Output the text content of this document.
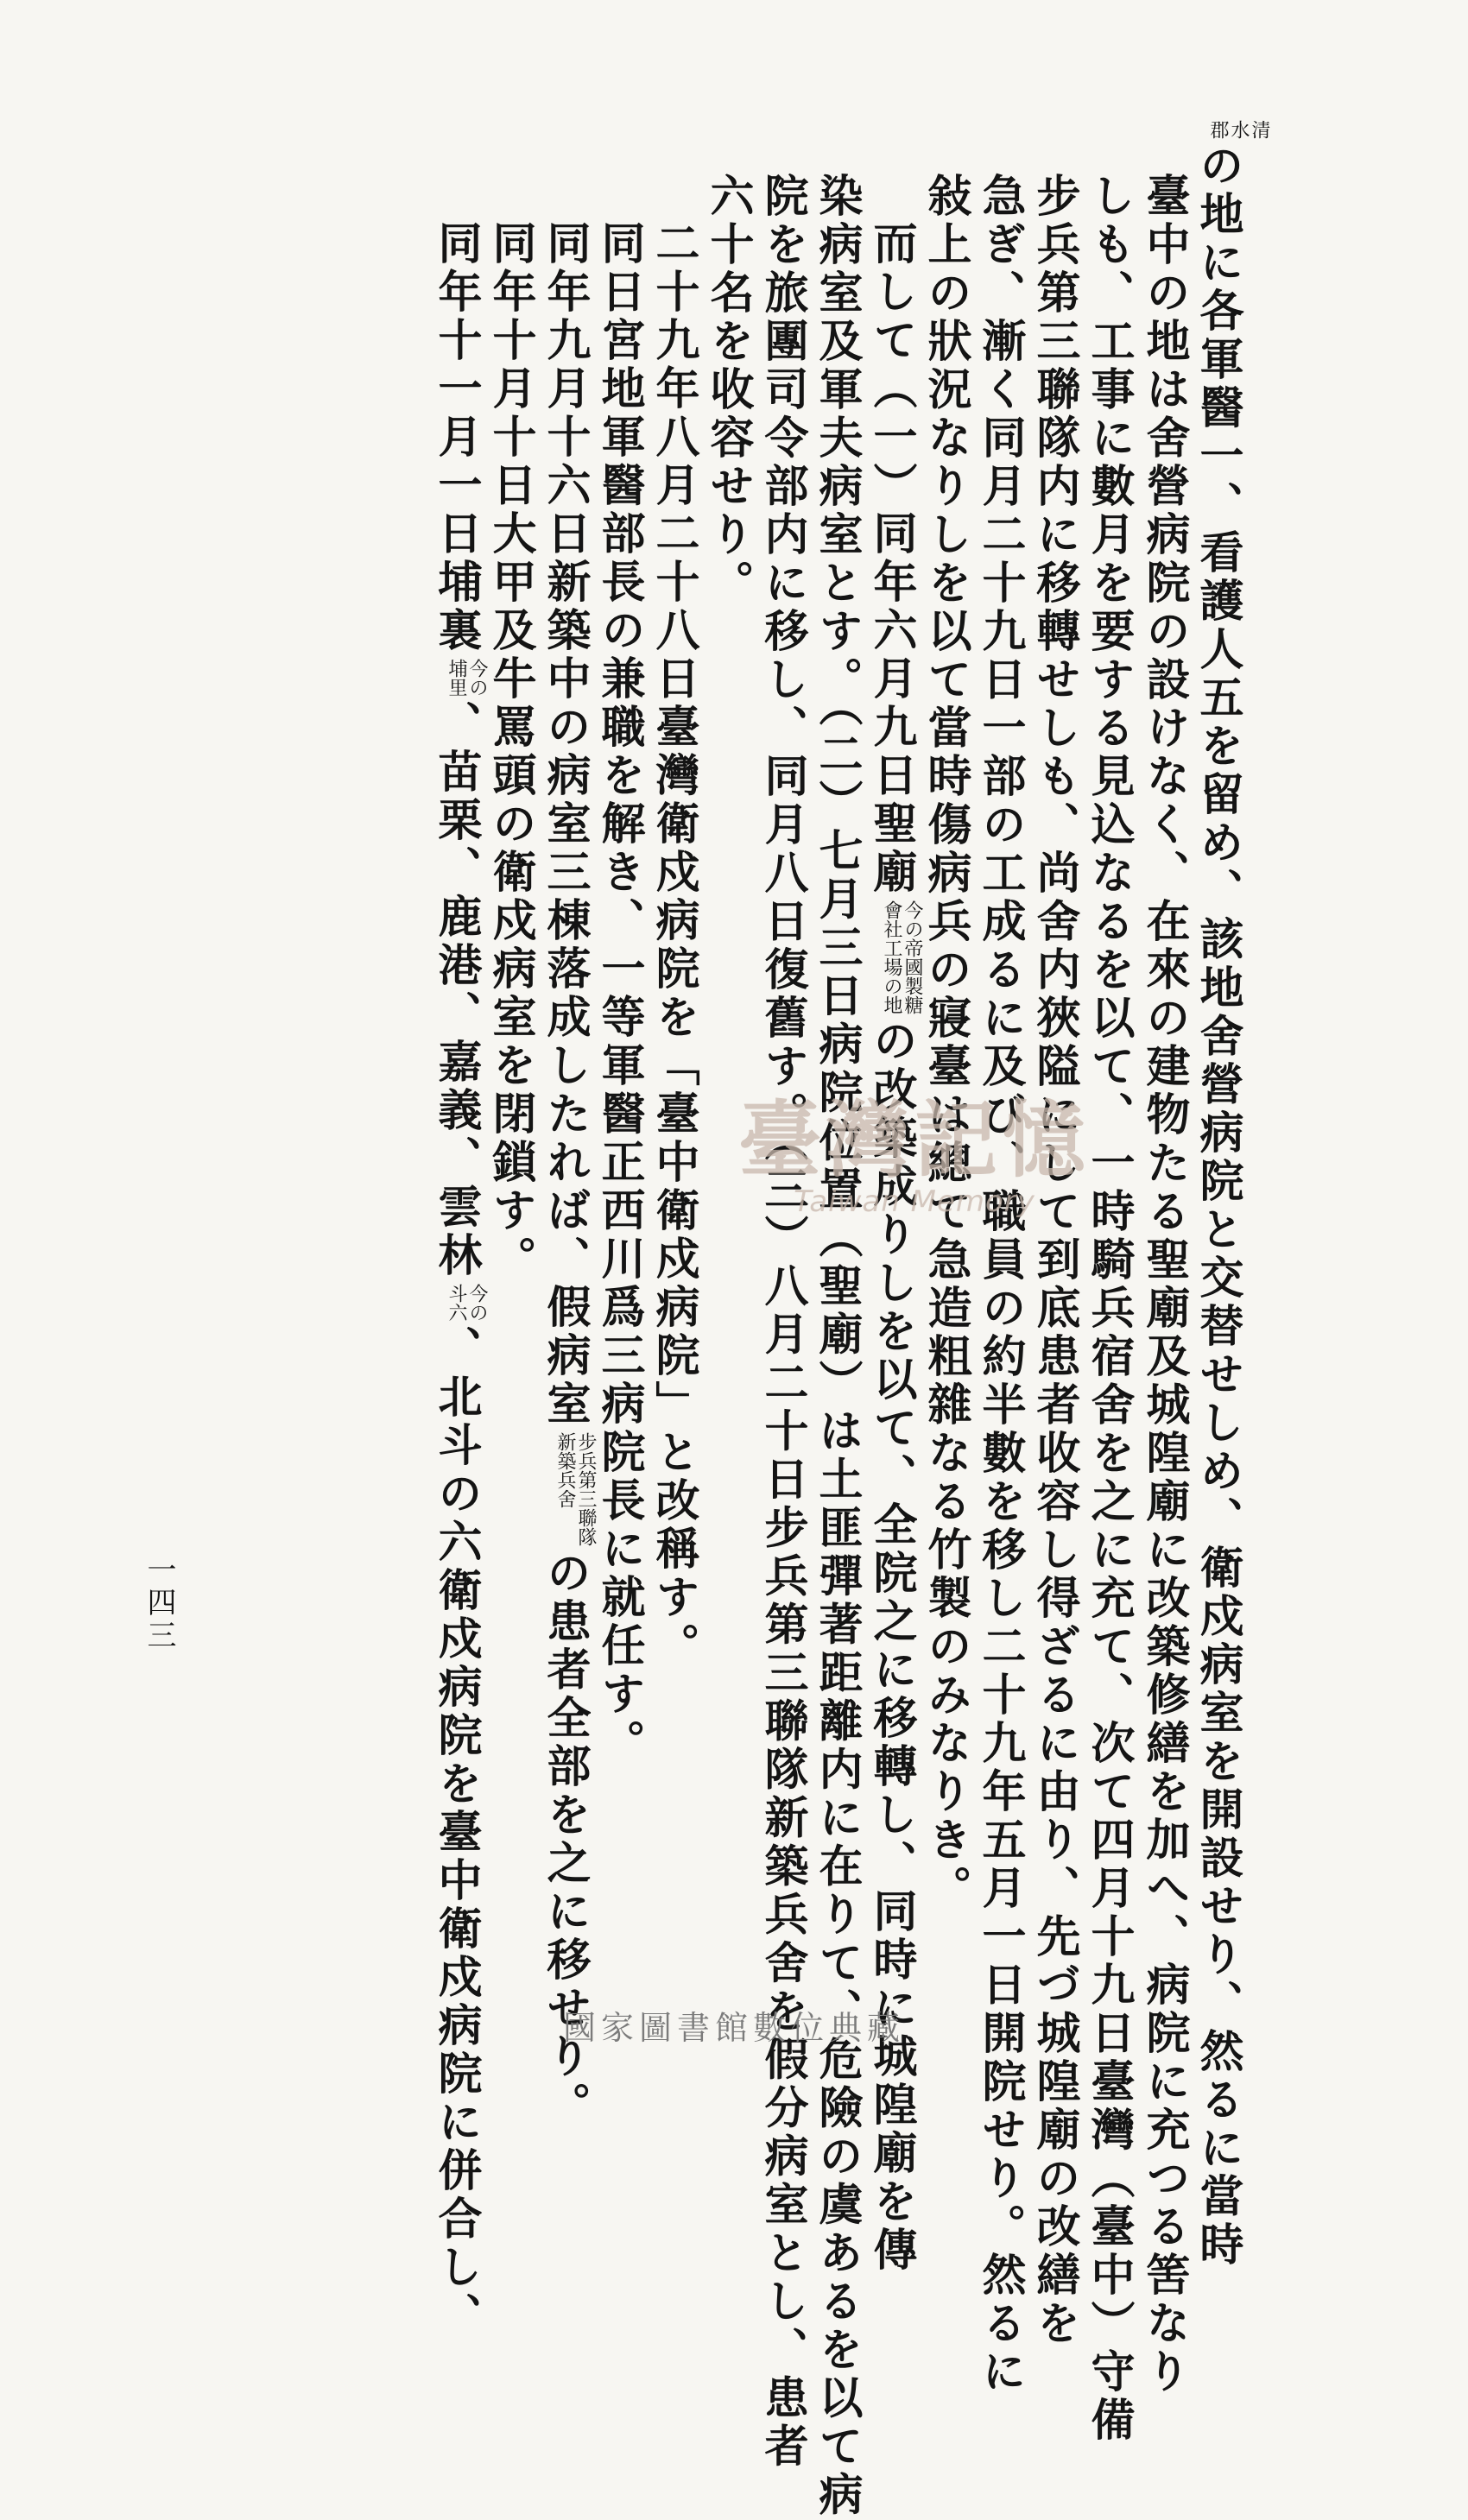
清
水
郡の地に各軍醫一、看護人五を留め、該地舍營病院と交替せしめ、衛戍病室を開設せり、然るに當時
臺中の地は舍營病院の設けなく、在來の建物たる聖廟及城隍廟に改築修繕を加へ、病院に充つる筈なり
しも、工事に數月を要する見込なるを以て、一時騎兵宿舍を之に充て、次て四月十九日臺灣（臺中）守備
步兵第三聯隊内に移轉せしも、尚舍内狹隘にして到底患者收容し得ざるに由り、先づ城隍廟の改繕を
急ぎ、漸く同月二十九日一部の工成るに及び、職員の約半數を移し二十九年五月一日開院せり。然るに
敍上の狀況なりしを以て當時傷病兵の寢臺は總て急造粗雜なる竹製のみなりき。
而して（一）同年六月九日聖廟今の帝國製糖
會社工場の地の改築成りしを以て、全院之に移轉し、同時に城隍廟を傳
染病室及軍夫病室とす。（二）七月三日病院位置（聖廟）は土匪彈著距離内に在りて、危險の虞あるを以て病
院を旅團司令部内に移し、同月八日復舊す。（三）八月二十日步兵第三聯隊新築兵舍を假分病室とし、患者
六十名を收容せり。
二十九年八月二十八日臺灣衛戍病院を「臺中衛戍病院」と改稱す。
同日宮地軍醫部長の兼職を解き、一等軍醫正西川爲三病院長に就任す。
同年九月十六日新築中の病室三棟落成したれば、假病室步兵第三聯隊
新築兵舍の患者全部を之に移せり。
同年十月十日大甲及牛罵頭の衛戍病室を閉鎖す。
同年十一月一日埔裏今の
埔里、苗栗、鹿港、嘉義、雲林今の
斗六、北斗の六衛戍病院を臺中衛戍病院に併合し、
一四三
臺灣記憶
Taiwan Memory
國家圖書館數位典藏
